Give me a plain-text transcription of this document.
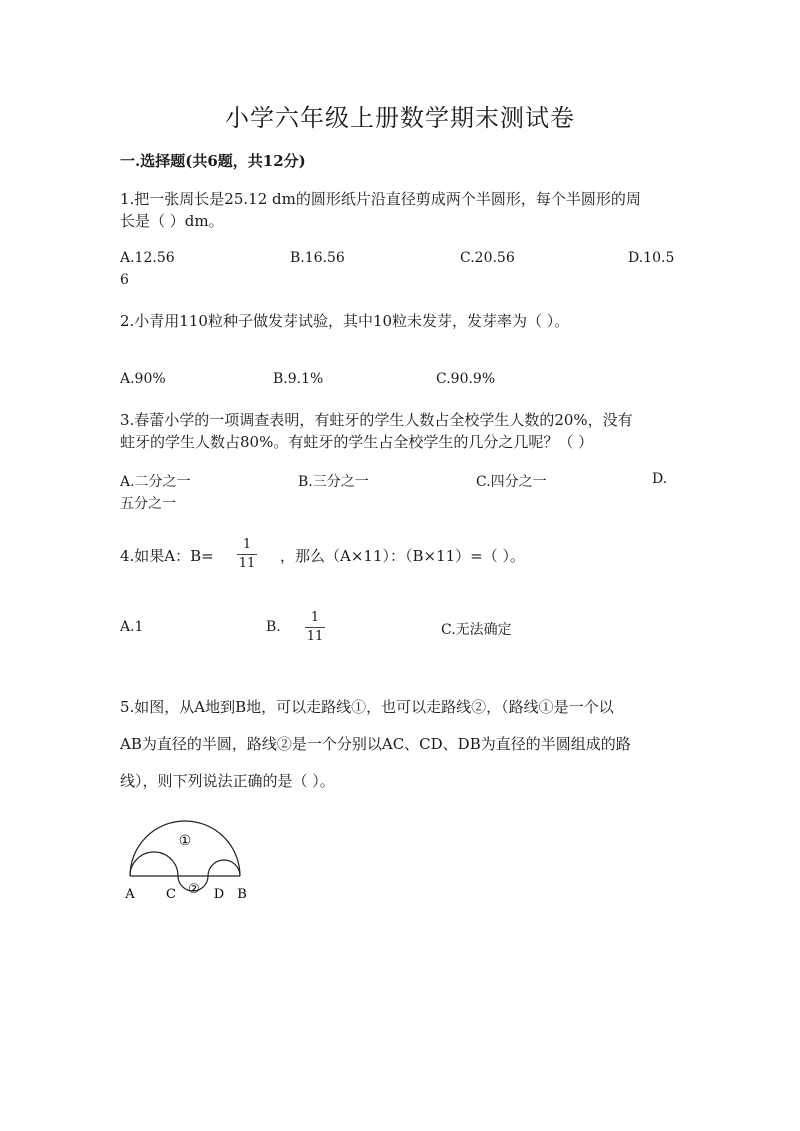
小学六年级上册数学期末测试卷
一.选择题(共6题，共12分)
1.把一张周长是25.12 dm的圆形纸片沿直径剪成两个半圆形，每个半圆形的周
长是（ ）dm。
A.12.56	B.16.56	C.20.56	D.10.5
6
2.小青用110粒种子做发芽试验，其中10粒未发芽，发芽率为（ ）。
A.90%	B.9.1%	C.90.9%
3.春蕾小学的一项调查表明，有蛀牙的学生人数占全校学生人数的20%，没有
蛀牙的学生人数占80%。有蛀牙的学生占全校学生的几分之几呢？（ ）
A.二分之一	B.三分之一	C.四分之一	D.
五分之一
4.如果A：B=
1
11 ，那么（A×11）：（B×11）=（ ）。
A.1	B.
1
11	C.无法确定
5.如图，从A地到B地，可以走路线①，也可以走路线②，（路线①是一个以
AB为直径的半圆，路线②是一个分别以AC、CD、DB为直径的半圆组成的路
线），则下列说法正确的是（ ）。
①
②
A C	D B
